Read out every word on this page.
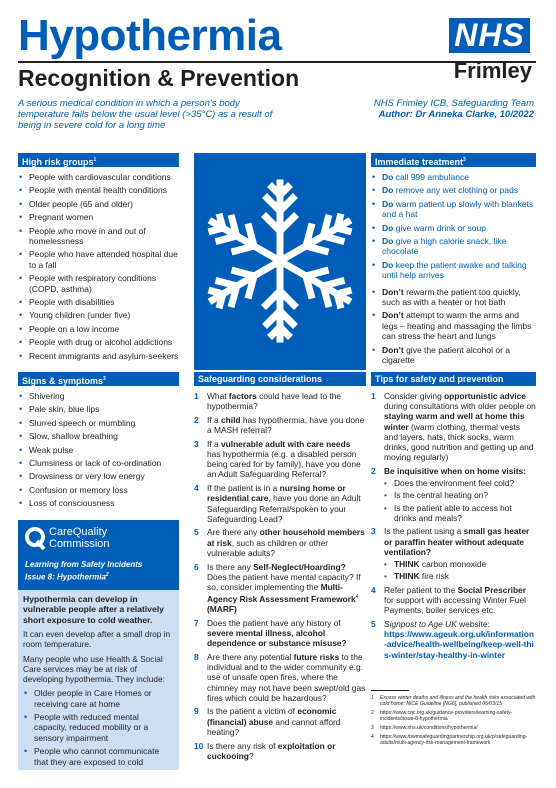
Hypothermia
Recognition & Prevention
NHS
Frimley
A serious medical condition in which a person’s body temperature falls below the usual level (>35°C) as a result of being in severe cold for a long time
NHS Frimley ICB, Safeguarding Team
Author: Dr Anneka Clarke, 10/2022
High risk groups$^1$
• People with cardiovascular conditions
• People with mental health conditions
• Older people (65 and older)
• Pregnant women
• People who move in and out of homelessness
• People who have attended hospital due to a fall
• People with respiratory conditions (COPD, asthma)
• People with disabilities
• Young children (under five)
• People on a low income
• People with drug or alcohol addictions
• Recent immigrants and asylum-seekers
Immediate treatment$^3$
• Do call 999 ambulance
• Do remove any wet clothing or pads
• Do warm patient up slowly with blankets and a hat
• Do give warm drink or soup
• Do give a high calorie snack, like chocolate
• Do keep the patient awake and talking until help arrives
• Don’t rewarm the patient too quickly, such as with a heater or hot bath
• Don’t attempt to warm the arms and legs – heating and massaging the limbs can stress the heart and lungs
• Don’t give the patient alcohol or a cigarette
Signs & symptoms$^3$
• Shivering
• Pale skin, blue lips
• Slurred speech or mumbling
• Slow, shallow breathing
• Weak pulse
• Clumsiness or lack of co-ordination
• Drowsiness or very low energy
• Confusion or memory loss
• Loss of consciousness
CareQuality
Commission
Learning from Safety Incidents
Issue 8: Hypothermia$^2$
Hypothermia can develop in vulnerable people after a relatively short exposure to cold weather.
It can even develop after a small drop in room temperature.
Many people who use Health & Social Care services may be at risk of developing hypothermia. They include:
• Older people in Care Homes or receiving care at home
• People with reduced mental capacity, reduced mobility or a sensory impairment
• People who cannot communicate that they are exposed to cold
Safeguarding considerations
1 What factors could have lead to the hypothermia?
2 If a child has hypothermia, have you done a MASH referral?
3 If a vulnerable adult with care needs has hypothermia (e.g. a disabled person being cared for by family), have you done an Adult Safeguarding Referral?
4 If the patient is in a nursing home or residential care, have you done an Adult Safeguarding Referral/spoken to your Safeguarding Lead?
5 Are there any other household members at risk, such as children or other vulnerable adults?
6 Is there any Self-Neglect/Hoarding? Does the patient have mental capacity? If so, consider implementing the Multi-Agency Risk Assessment Framework$^4$ (MARF)
7 Does the patient have any history of severe mental illness, alcohol dependence or substance misuse?
8 Are there any potential future risks to the individual and to the wider community e.g. use of unsafe open fires, where the chimney may not have been swept/old gas fires which could be hazardous?
9 Is the patient a victim of economic (financial) abuse and cannot afford heating?
10 Is there any risk of exploitation or cuckooing?
Tips for safety and prevention
1 Consider giving opportunistic advice during consultations with older people on staying warm and well at home this winter (warm clothing, thermal vests and layers, hats, thick socks, warm drinks, good nutrition and getting up and moving regularly)
2 Be inquisitive when on home visits:
• Does the environment feel cold?
• Is the central heating on?
• Is the patient able to access hot drinks and meals?
3 Is the patient using a small gas heater or paraffin heater without adequate ventilation?
• THINK carbon monoxide
• THINK fire risk
4 Refer patient to the Social Prescriber for support with accessing Winter Fuel Payments, boiler services etc.
5 Signpost to Age UK website:
https://www.ageuk.org.uk/information-advice/health-wellbeing/keep-well-this-winter/stay-healthy-in-winter
1 Excess winter deaths and illness and the health risks associated with cold home: NICE Guideline [NG6], published 05/03/15
2 https://www.cqc.org.uk/guidance-providers/learning-safety-incidents/issue-8-hypothermia
3 https://www.nhs.uk/conditions/hypothermia/
4 https://www.rbwmsafeguardingpartnership.org.uk/p/safeguarding-adults/multi-agency-risk-management-framework
